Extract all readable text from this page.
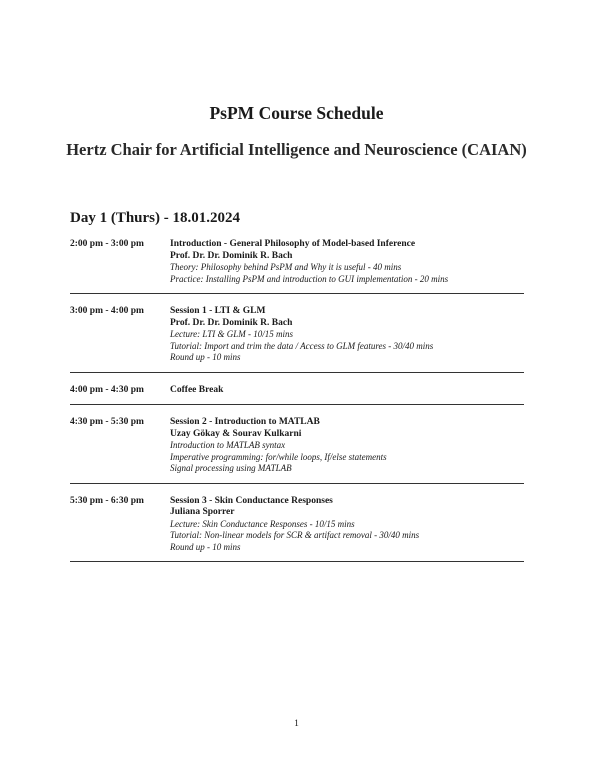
PsPM Course Schedule
Hertz Chair for Artificial Intelligence and Neuroscience (CAIAN)
Day 1 (Thurs) - 18.01.2024
2:00 pm - 3:00 pm	Introduction - General Philosophy of Model-based Inference
Prof. Dr. Dr. Dominik R. Bach
Theory: Philosophy behind PsPM and Why it is useful - 40 mins
Practice: Installing PsPM and introduction to GUI implementation - 20 mins
3:00 pm - 4:00 pm	Session 1 - LTI & GLM
Prof. Dr. Dr. Dominik R. Bach
Lecture: LTI & GLM - 10/15 mins
Tutorial: Import and trim the data / Access to GLM features - 30/40 mins
Round up - 10 mins
4:00 pm - 4:30 pm	Coffee Break
4:30 pm - 5:30 pm	Session 2 - Introduction to MATLAB
Uzay Gökay & Sourav Kulkarni
Introduction to MATLAB syntax
Imperative programming: for/while loops, If/else statements
Signal processing using MATLAB
5:30 pm - 6:30 pm	Session 3 - Skin Conductance Responses
Juliana Sporrer
Lecture: Skin Conductance Responses - 10/15 mins
Tutorial: Non-linear models for SCR & artifact removal - 30/40 mins
Round up - 10 mins
1
